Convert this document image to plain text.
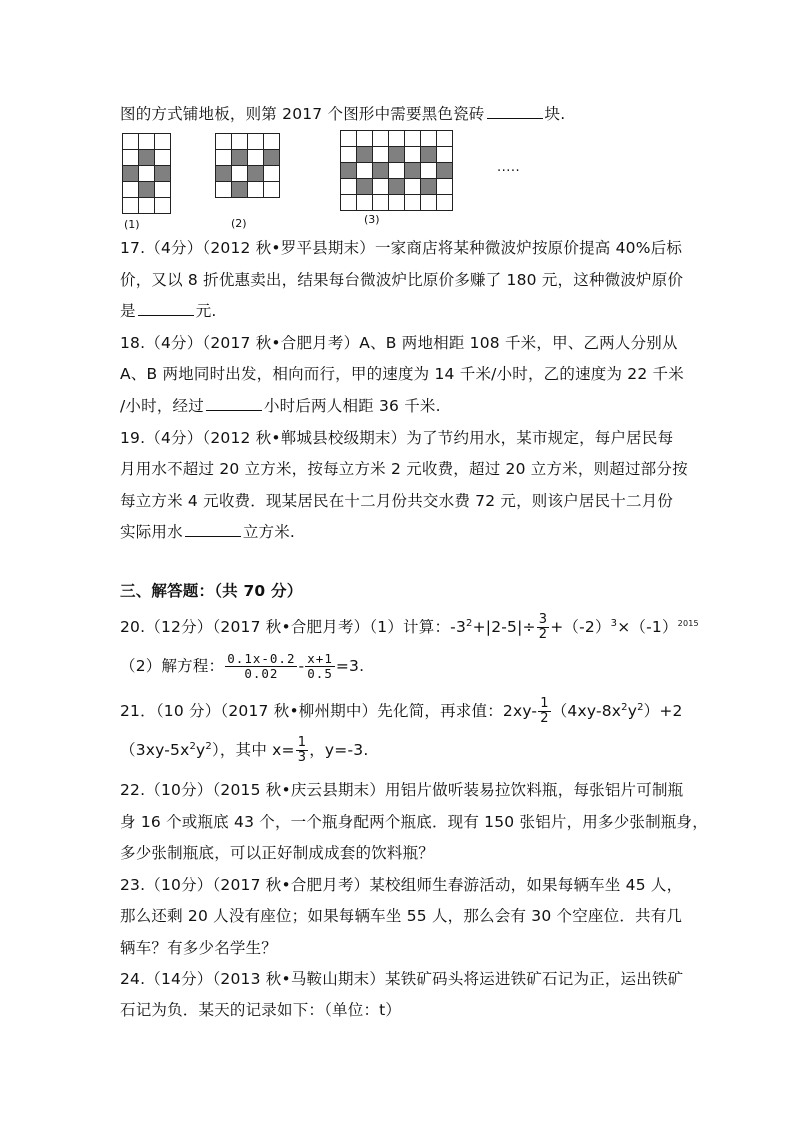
图的方式铺地板，则第 2017 个图形中需要黑色瓷砖	块.
(1)	(2)	(3)
.....
17.（4分）（2012 秋•罗平县期末）一家商店将某种微波炉按原价提高 40%后标
价，又以 8 折优惠卖出，结果每台微波炉比原价多赚了 180 元，这种微波炉原价
是	元.
18.（4分）（2017 秋•合肥月考）A、B 两地相距 108 千米，甲、乙两人分别从
A、B 两地同时出发，相向而行，甲的速度为 14 千米/小时，乙的速度为 22 千米
/小时，经过	小时后两人相距 36 千米.
19.（4分）（2012 秋•郸城县校级期末）为了节约用水，某市规定，每户居民每
月用水不超过 20 立方米，按每立方米 2 元收费，超过 20 立方米，则超过部分按
每立方米 4 元收费．现某居民在十二月份共交水费 72 元，则该户居民十二月份
实际用水	立方米.
三、解答题：（共 70 分）
20.（12分）（2017 秋•合肥月考）（1）计算：$-3^2+|2-5|\div \frac{3}{2} +(-2)^3\times(-1)^{2015}$
（2）解方程： $\frac{0.1x-0.2}{0.02} - \frac{x+1}{0.5} =3$.
21．（10 分）（2017 秋•柳州期中）先化简，再求值：$2xy- \frac{1}{2} (4xy-8x^2y^2)+2$
$(3xy-5x^2y^2)$，其中 $x= \frac{1}{3}$ ，y=-3.
22.（10分）（2015 秋•庆云县期末）用铝片做听装易拉饮料瓶，每张铝片可制瓶
身 16 个或瓶底 43 个，一个瓶身配两个瓶底．现有 150 张铝片，用多少张制瓶身，
多少张制瓶底，可以正好制成成套的饮料瓶？
23.（10分）（2017 秋•合肥月考）某校组师生春游活动，如果每辆车坐 45 人，
那么还剩 20 人没有座位；如果每辆车坐 55 人，那么会有 30 个空座位．共有几
辆车？有多少名学生？
24.（14分）（2013 秋•马鞍山期末）某铁矿码头将运进铁矿石记为正，运出铁矿
石记为负．某天的记录如下：（单位：t）
